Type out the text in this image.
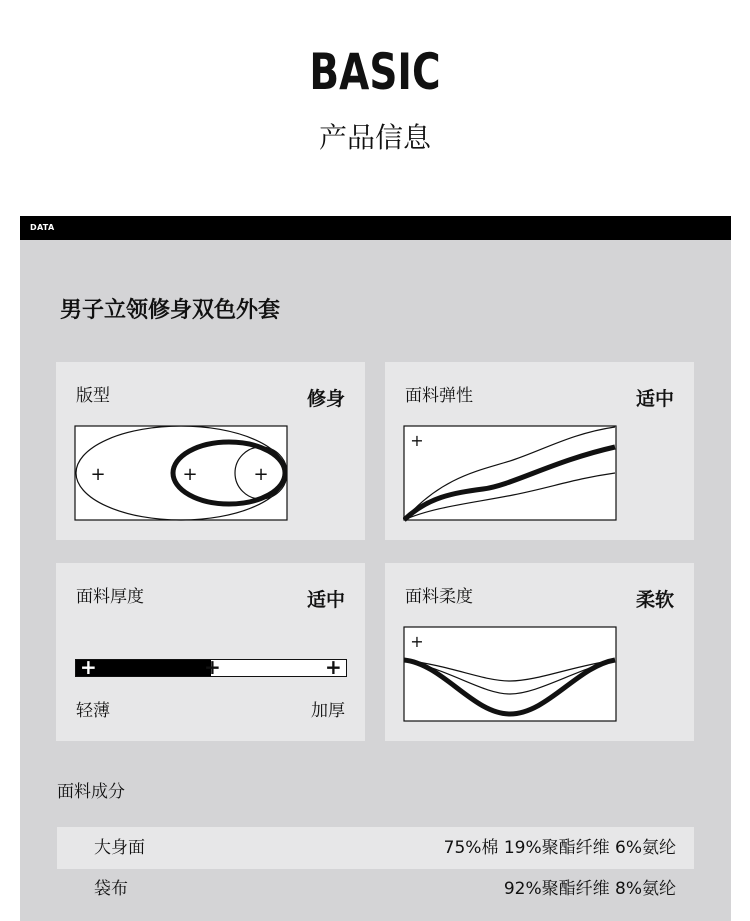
BASIC
产品信息
DATA
男子立领修身双色外套
版型	修身
+	+	+
面料弹性	适中
+
面料厚度	适中
+	+	+
轻薄	加厚
面料柔度	柔软
+
面料成分
大身面	75%棉 19%聚酯纤维 6%氨纶
袋布	92%聚酯纤维 8%氨纶
